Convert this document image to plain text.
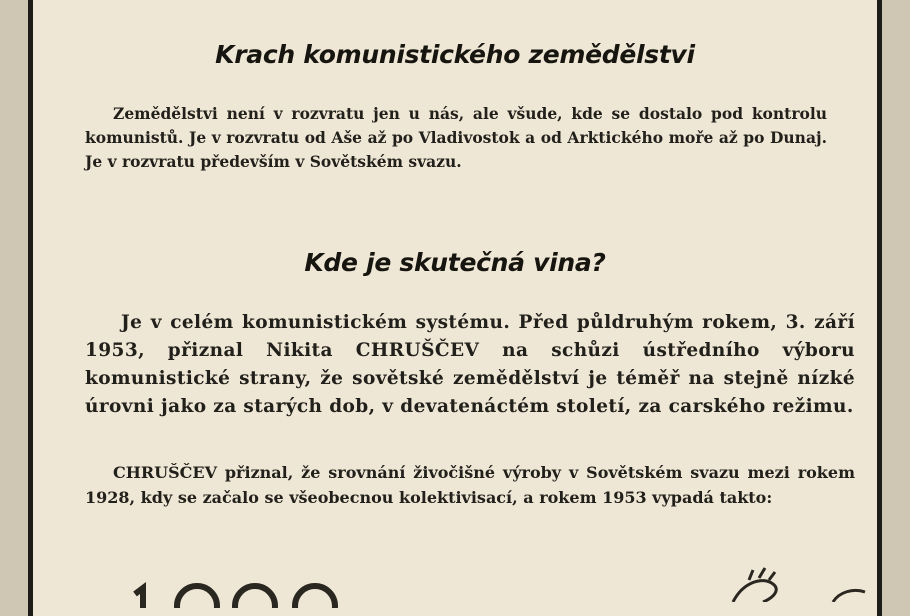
Krach komunistického zemědělstvi

Zemědělstvi není v rozvratu jen u nás, ale všude, kde se dostalo pod kontrolu komunistů. Je v rozvratu od Aše až po Vladivostok a od Arktického moře až po Dunaj. Je v rozvratu především v Sovětském svazu.

Kde je skutečná vina?

Je v celém komunistickém systému. Před půldruhým rokem, 3. září 1953, přiznal Nikita CHRUŠČEV na schůzi ústředního výboru komunistické strany, že sovětské zemědělství je téměř na stejně nízké úrovni jako za starých dob, v devatenáctém století, za carského režimu.

CHRUŠČEV přiznal, že srovnání živočišné výroby v Sovětském svazu mezi rokem 1928, kdy se začalo se všeobecnou kolektivisací, a rokem 1953 vypadá takto:
